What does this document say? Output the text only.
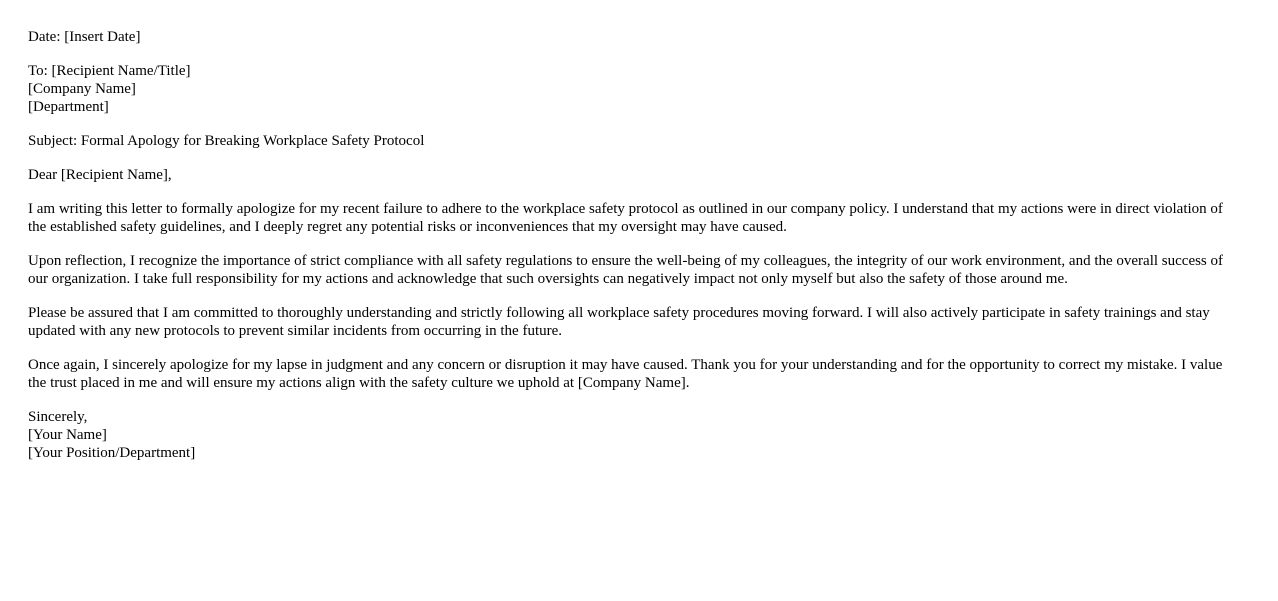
Date: [Insert Date]
To: [Recipient Name/Title]
[Company Name]
[Department]
Subject: Formal Apology for Breaking Workplace Safety Protocol
Dear [Recipient Name],

I am writing this letter to formally apologize for my recent failure to adhere to the workplace safety protocol as outlined in our company policy. I understand that my actions were in direct violation of the established safety guidelines, and I deeply regret any potential risks or inconveniences that my oversight may have caused.

Upon reflection, I recognize the importance of strict compliance with all safety regulations to ensure the well-being of my colleagues, the integrity of our work environment, and the overall success of our organization. I take full responsibility for my actions and acknowledge that such oversights can negatively impact not only myself but also the safety of those around me.

Please be assured that I am committed to thoroughly understanding and strictly following all workplace safety procedures moving forward. I will also actively participate in safety trainings and stay updated with any new protocols to prevent similar incidents from occurring in the future.

Once again, I sincerely apologize for my lapse in judgment and any concern or disruption it may have caused. Thank you for your understanding and for the opportunity to correct my mistake. I value the trust placed in me and will ensure my actions align with the safety culture we uphold at [Company Name].

Sincerely,
[Your Name]
[Your Position/Department]
